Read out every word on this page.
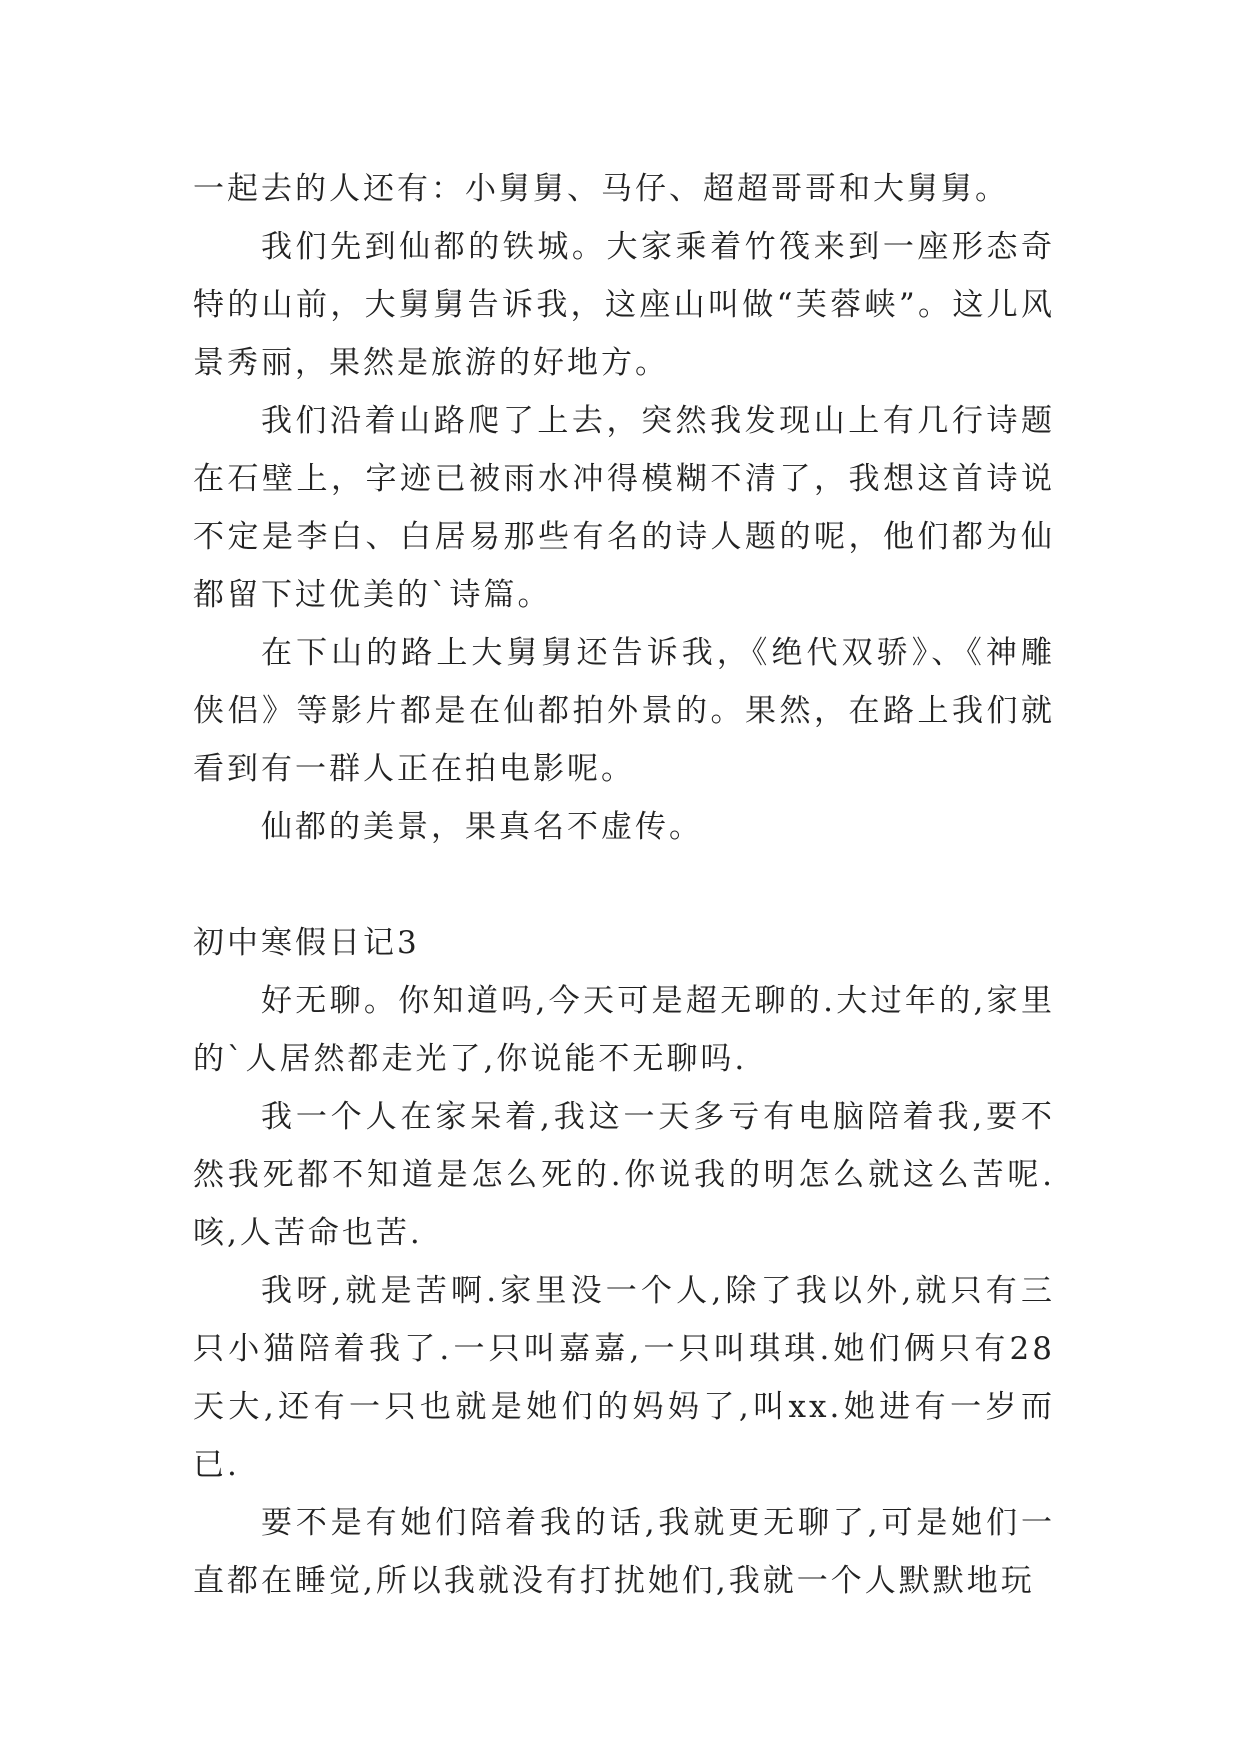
一起去的人还有：小舅舅、马仔、超超哥哥和大舅舅。

我们先到仙都的铁城。大家乘着竹筏来到一座形态奇特的山前，大舅舅告诉我，这座山叫做“芙蓉峡”。这儿风景秀丽，果然是旅游的好地方。

我们沿着山路爬了上去，突然我发现山上有几行诗题在石壁上，字迹已被雨水冲得模糊不清了，我想这首诗说不定是李白、白居易那些有名的诗人题的呢，他们都为仙都留下过优美的`诗篇。

在下山的路上大舅舅还告诉我，《绝代双骄》、《神雕侠侣》等影片都是在仙都拍外景的。果然，在路上我们就看到有一群人正在拍电影呢。

仙都的美景，果真名不虚传。

初中寒假日记3

好无聊。你知道吗,今天可是超无聊的.大过年的,家里的`人居然都走光了,你说能不无聊吗.

我一个人在家呆着,我这一天多亏有电脑陪着我,要不然我死都不知道是怎么死的.你说我的明怎么就这么苦呢.咳,人苦命也苦.

我呀,就是苦啊.家里没一个人,除了我以外,就只有三只小猫陪着我了.一只叫嘉嘉,一只叫琪琪.她们俩只有28天大,还有一只也就是她们的妈妈了,叫xx.她进有一岁而已.

要不是有她们陪着我的话,我就更无聊了,可是她们一直都在睡觉,所以我就没有打扰她们,我就一个人默默地玩
